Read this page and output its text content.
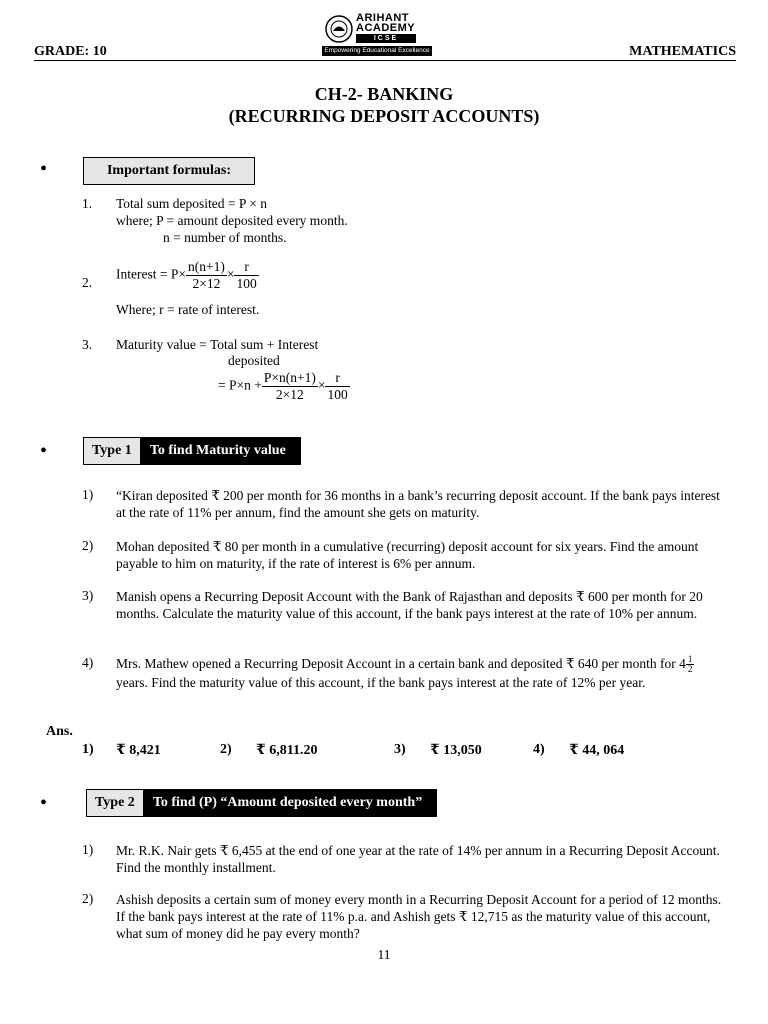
GRADE: 10
ARIHANT
ACADEMY
ICSE
Empowering Educational Excellence	MATHEMATICS
CH-2- BANKING
(RECURRING DEPOSIT ACCOUNTS)
•	Important formulas:
1. Total sum deposited = P × n
where; P = amount deposited every month.
n = number of months.
2.
Interest = $P\times \frac{n(n+1)}{2\times 12} \times \frac{r}{100}$
Where; r = rate of interest.
3. Maturity value = Total sum + Interest
deposited
= $P\times n + \frac{P\times n(n+1)}{2\times 12} \times \frac{r}{100}$
•	Type 1	To find Maturity value
1) “Kiran deposited ₹ 200 per month for 36 months in a bank’s recurring deposit account. If the bank pays interest at the rate of 11% per annum, find the amount she gets on maturity.
2) Mohan deposited ₹ 80 per month in a cumulative (recurring) deposit account for six years. Find the amount payable to him on maturity, if the rate of interest is 6% per annum.
3) Manish opens a Recurring Deposit Account with the Bank of Rajasthan and deposits ₹ 600 per month for 20 months. Calculate the maturity value of this account, if the bank pays interest at the rate of 10% per annum.
4) Mrs. Mathew opened a Recurring Deposit Account in a certain bank and deposited ₹ 640 per month for $4 \frac{1}{2}$
years. Find the maturity value of this account, if the bank pays interest at the rate of 12% per year.
Ans.
1) ₹ 8,421	2) ₹ 6,811.20	3) ₹ 13,050	4) ₹ 44, 064
•	Type 2	To find (P) “Amount deposited every month”
1) Mr. R.K. Nair gets ₹ 6,455 at the end of one year at the rate of 14% per annum in a Recurring Deposit Account. Find the monthly installment.
2) Ashish deposits a certain sum of money every month in a Recurring Deposit Account for a period of 12 months. If the bank pays interest at the rate of 11% p.a. and Ashish gets ₹ 12,715 as the maturity value of this account, what sum of money did he pay every month?
11
